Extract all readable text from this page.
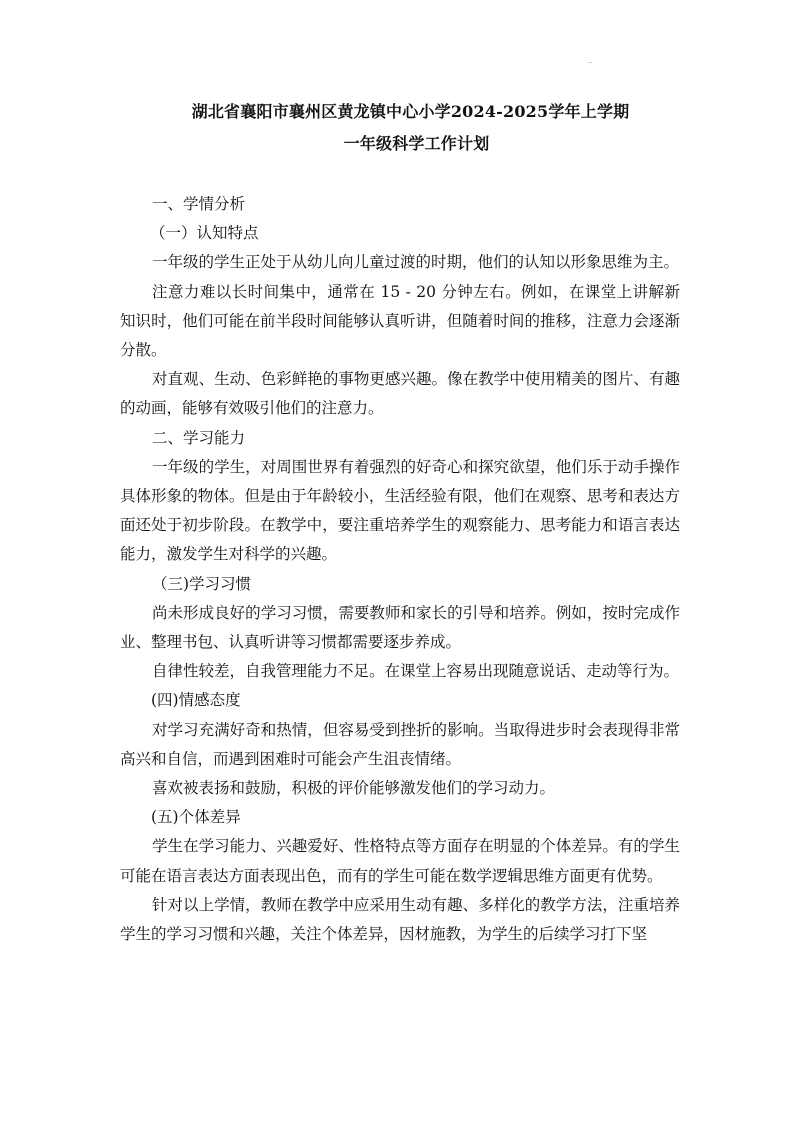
湖北省襄阳市襄州区黄龙镇中心小学2024-2025学年上学期
一年级科学工作计划

一、学情分析

（一）认知特点

一年级的学生正处于从幼儿向儿童过渡的时期，他们的认知以形象思维为主。

注意力难以长时间集中，通常在 15 - 20 分钟左右。例如，在课堂上讲解新知识时，他们可能在前半段时间能够认真听讲，但随着时间的推移，注意力会逐渐分散。

对直观、生动、色彩鲜艳的事物更感兴趣。像在教学中使用精美的图片、有趣的动画，能够有效吸引他们的注意力。

二、学习能力

一年级的学生，对周围世界有着强烈的好奇心和探究欲望，他们乐于动手操作具体形象的物体。但是由于年龄较小，生活经验有限，他们在观察、思考和表达方面还处于初步阶段。在教学中，要注重培养学生的观察能力、思考能力和语言表达能力，激发学生对科学的兴趣。

（三)学习习惯

尚未形成良好的学习习惯，需要教师和家长的引导和培养。例如，按时完成作业、整理书包、认真听讲等习惯都需要逐步养成。

自律性较差，自我管理能力不足。在课堂上容易出现随意说话、走动等行为。

(四)情感态度

对学习充满好奇和热情，但容易受到挫折的影响。当取得进步时会表现得非常高兴和自信，而遇到困难时可能会产生沮丧情绪。

喜欢被表扬和鼓励，积极的评价能够激发他们的学习动力。

(五)个体差异

学生在学习能力、兴趣爱好、性格特点等方面存在明显的个体差异。有的学生可能在语言表达方面表现出色，而有的学生可能在数学逻辑思维方面更有优势。

针对以上学情，教师在教学中应采用生动有趣、多样化的教学方法，注重培养学生的学习习惯和兴趣，关注个体差异，因材施教，为学生的后续学习打下坚
